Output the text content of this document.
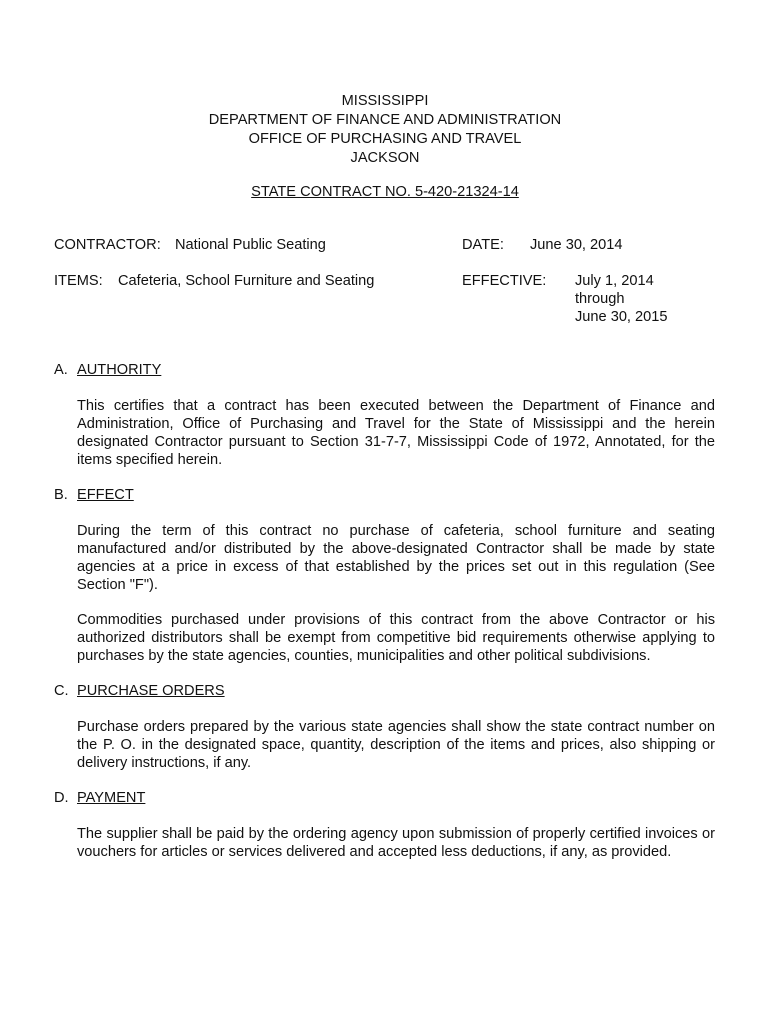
MISSISSIPPI
DEPARTMENT OF FINANCE AND ADMINISTRATION
OFFICE OF PURCHASING AND TRAVEL
JACKSON
STATE CONTRACT NO. 5-420-21324-14
CONTRACTOR: National Public Seating	DATE: June 30, 2014
ITEMS: Cafeteria, School Furniture and Seating	EFFECTIVE: July 1, 2014
through
June 30, 2015
A. AUTHORITY
This certifies that a contract has been executed between the Department of Finance and Administration, Office of Purchasing and Travel for the State of Mississippi and the herein designated Contractor pursuant to Section 31-7-7, Mississippi Code of 1972, Annotated, for the items specified herein.
B. EFFECT
During the term of this contract no purchase of cafeteria, school furniture and seating manufactured and/or distributed by the above-designated Contractor shall be made by state agencies at a price in excess of that established by the prices set out in this regulation (See Section "F").
Commodities purchased under provisions of this contract from the above Contractor or his authorized distributors shall be exempt from competitive bid requirements otherwise applying to purchases by the state agencies, counties, municipalities and other political subdivisions.
C. PURCHASE ORDERS
Purchase orders prepared by the various state agencies shall show the state contract number on the P. O. in the designated space, quantity, description of the items and prices, also shipping or delivery instructions, if any.
D. PAYMENT
The supplier shall be paid by the ordering agency upon submission of properly certified invoices or vouchers for articles or services delivered and accepted less deductions, if any, as provided.
